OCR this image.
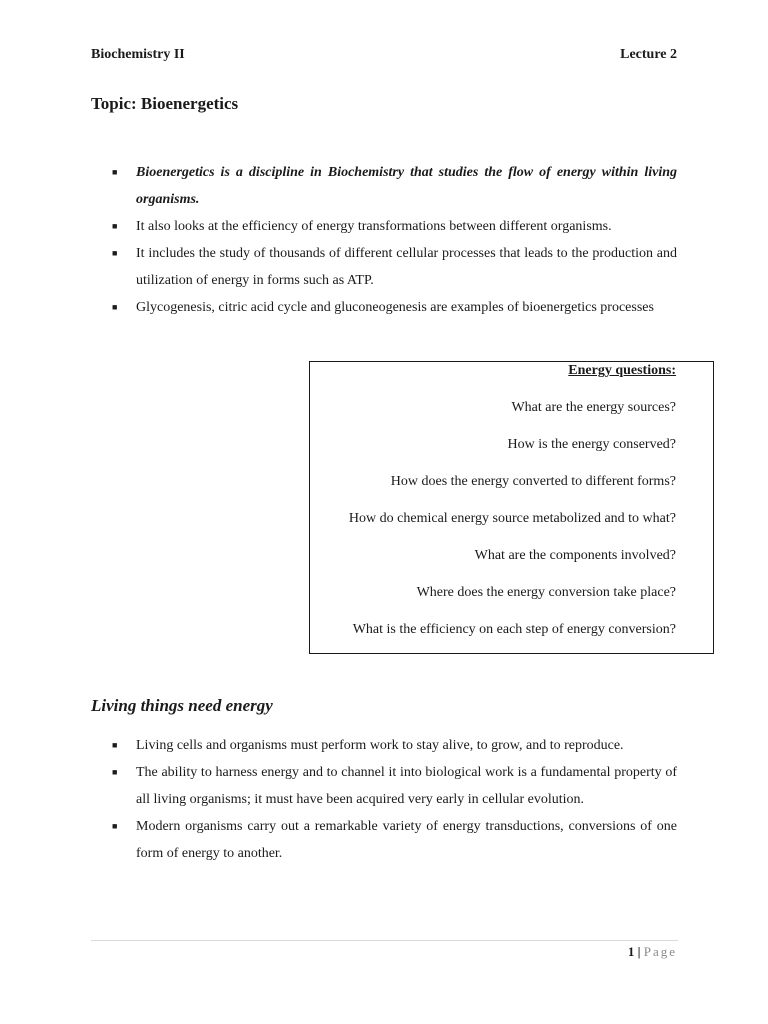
Biochemistry II	Lecture 2
Topic: Bioenergetics
■ Bioenergetics is a discipline in Biochemistry that studies the flow of energy within living organisms.
■ It also looks at the efficiency of energy transformations between different organisms.
■ It includes the study of thousands of different cellular processes that leads to the production and utilization of energy in forms such as ATP.
■ Glycogenesis, citric acid cycle and gluconeogenesis are examples of bioenergetics processes
Energy questions:
What are the energy sources?
How is the energy conserved?
How does the energy converted to different forms?
How do chemical energy source metabolized and to what?
What are the components involved?
Where does the energy conversion take place?
What is the efficiency on each step of energy conversion?
Living things need energy
■ Living cells and organisms must perform work to stay alive, to grow, and to reproduce.
■ The ability to harness energy and to channel it into biological work is a fundamental property of all living organisms; it must have been acquired very early in cellular evolution.
■ Modern organisms carry out a remarkable variety of energy transductions, conversions of one form of energy to another.
1 | Page
